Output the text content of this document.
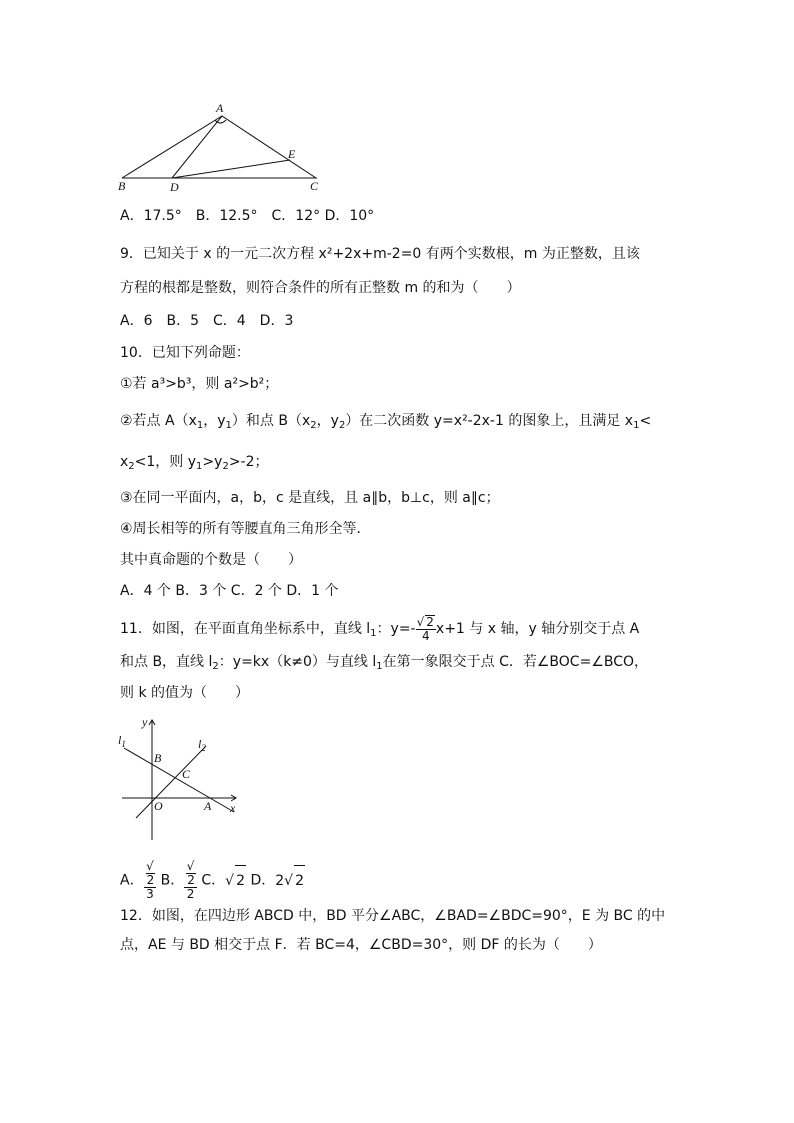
A
B	D	C
E
A．17.5°　B．12.5°　C．12° D．10°
9．已知关于 x 的一元二次方程 x²+2x+m-2=0 有两个实数根，m 为正整数，且该
方程的根都是整数，则符合条件的所有正整数 m 的和为（　　）
A．6　B．5　C．4　D．3
10．已知下列命题：
①若 a³>b³，则 a²>b²；
②若点 $A(x_1$，$y_1$）和点 $B(x_2$，$y_2$）在二次函数 y=x²-2x-1 的图象上，且满足 $x_1<$
$x_2<1$，则 $y_1>y_2>-2$；
③在同一平面内，a，b，c 是直线，且 a∥b，b⊥c，则 a∥c；
④周长相等的所有等腰直角三角形全等．
其中真命题的个数是（　　）
A．4 个 B．3 个 C．2 个 D．1 个
11．如图，在平面直角坐标系中，直线 $l_1$：$y=- \frac{√ 2}{4} x+1$ 与 x 轴，y 轴分别交于点 A
和点 B，直线 $l_2$：y=kx（k≠0）与直线 $l_1$在第一象限交于点 C．若∠BOC=∠BCO，
则 k 的值为（　　）
y
x
$l_1$	$l_2$
B
C
O	A
A． √
2
3 B． √
2
2 C．√ 2 D．2√ 2
12．如图，在四边形 ABCD 中，BD 平分∠ABC，∠BAD=∠BDC=90°，E 为 BC 的中
点，AE 与 BD 相交于点 F．若 BC=4，∠CBD=30°，则 DF 的长为（　　）
